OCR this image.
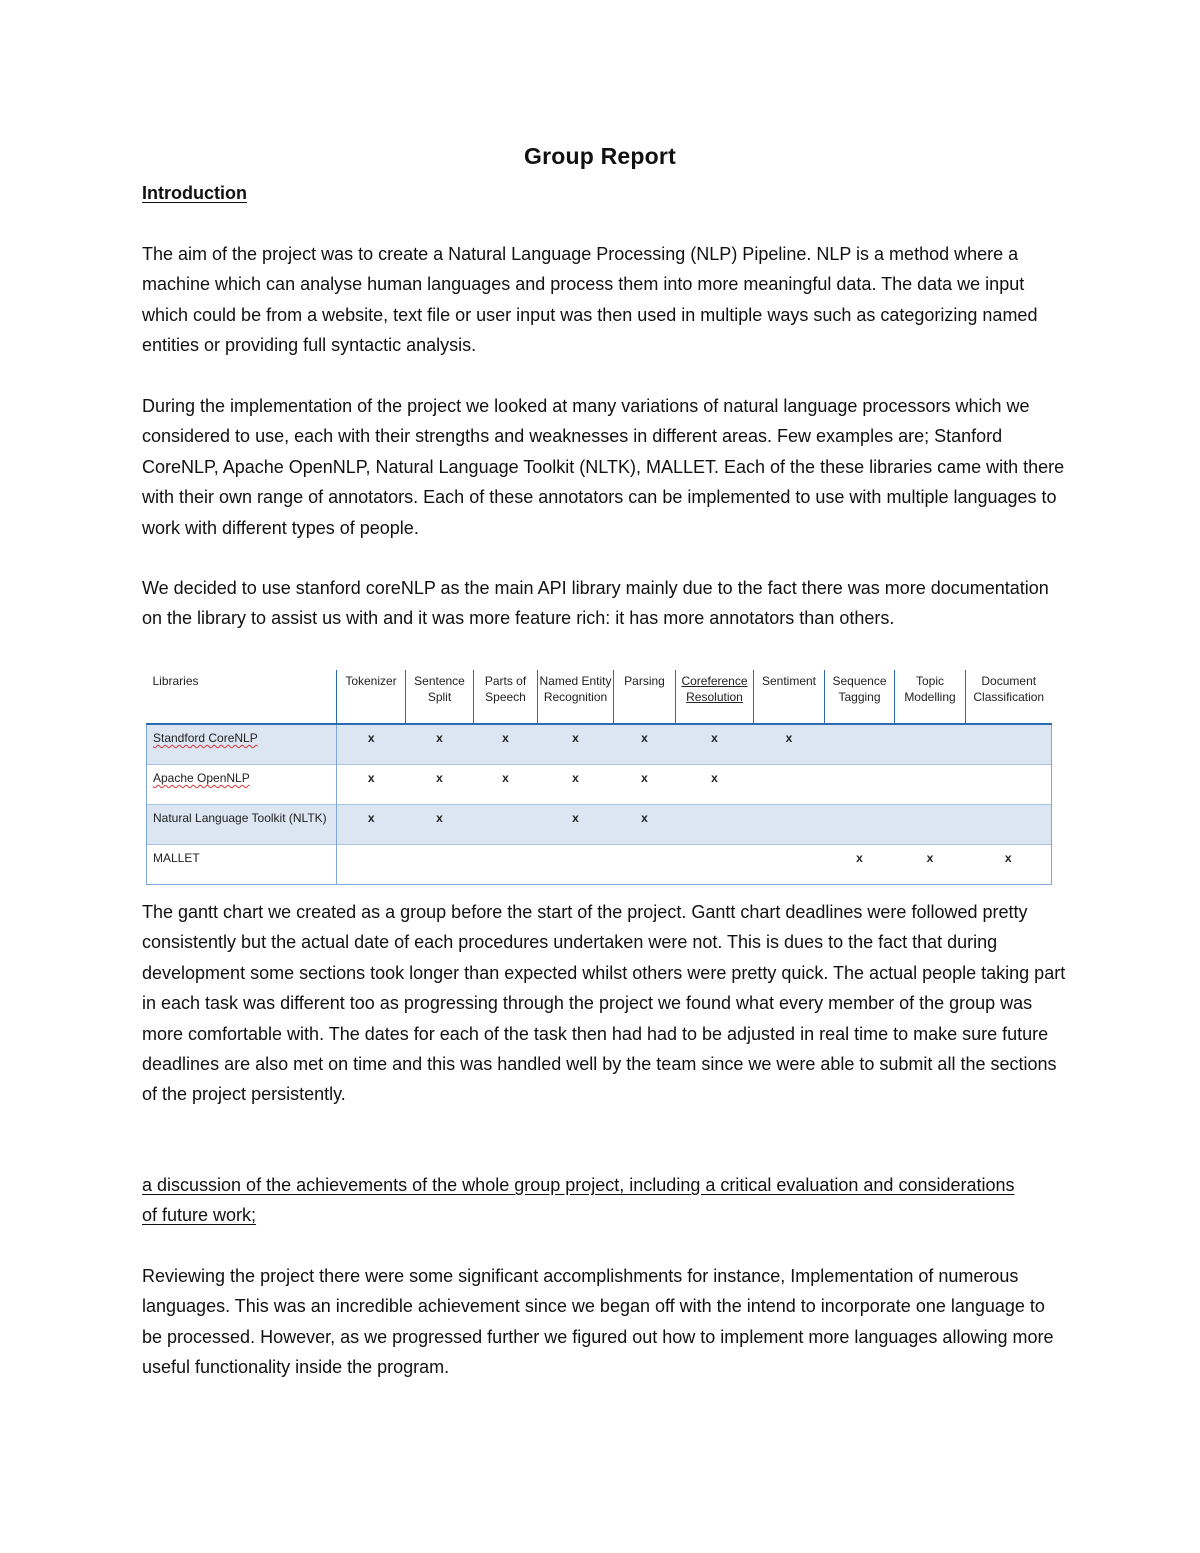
Group Report
Introduction

The aim of the project was to create a Natural Language Processing (NLP) Pipeline. NLP is a method where a machine which can analyse human languages and process them into more meaningful data. The data we input which could be from a website, text file or user input was then used in multiple ways such as categorizing named entities or providing full syntactic analysis.

During the implementation of the project we looked at many variations of natural language processors which we considered to use, each with their strengths and weaknesses in different areas. Few examples are; Stanford CoreNLP, Apache OpenNLP, Natural Language Toolkit (NLTK), MALLET. Each of the these libraries came with there with their own range of annotators. Each of these annotators can be implemented to use with multiple languages to work with different types of people.

We decided to use stanford coreNLP as the main API library mainly due to the fact there was more documentation on the library to assist us with and it was more feature rich: it has more annotators than others.

Libraries	Tokenizer	Sentence Split	Parts of Speech	Named Entity Recognition	Parsing	Coreference Resolution	Sentiment	Sequence Tagging	Topic Modelling	Document Classification
Standford CoreNLP	x	x	x	x	x	x	x			
Apache OpenNLP	x	x	x	x	x	x				
Natural Language Toolkit (NLTK)	x	x		x	x					
MALLET								x	x	x

The gantt chart we created as a group before the start of the project. Gantt chart deadlines were followed pretty consistently but the actual date of each procedures undertaken were not. This is dues to the fact that during development some sections took longer than expected whilst others were pretty quick. The actual people taking part in each task was different too as progressing through the project we found what every member of the group was more comfortable with. The dates for each of the task then had had to be adjusted in real time to make sure future deadlines are also met on time and this was handled well by the team since we were able to submit all the sections of the project persistently.

a discussion of the achievements of the whole group project, including a critical evaluation and considerations of future work;

Reviewing the project there were some significant accomplishments for instance, Implementation of numerous languages. This was an incredible achievement since we began off with the intend to incorporate one language to be processed. However, as we progressed further we figured out how to implement more languages allowing more useful functionality inside the program.
